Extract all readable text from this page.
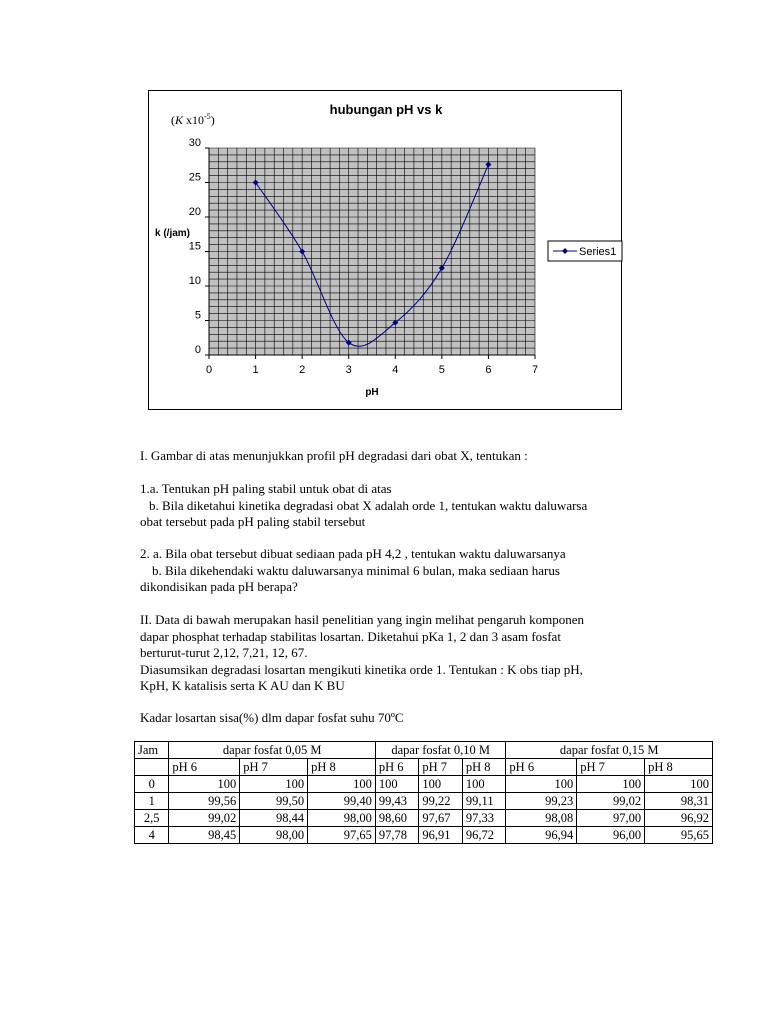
0	1	2	3	4	5	6	7
30
25
20
15
10
5
0
hubungan pH vs k
(K $x10^{-5}$)
k (/jam)
pH
Series1

I. Gambar di atas menunjukkan profil pH degradasi dari obat X, tentukan :

1.a. Tentukan pH paling stabil untuk obat di atas

b. Bila diketahui kinetika degradasi obat X adalah orde 1, tentukan waktu daluwarsa

obat tersebut pada pH paling stabil tersebut

2. a. Bila obat tersebut dibuat sediaan pada pH 4,2 , tentukan waktu daluwarsanya

b. Bila dikehendaki waktu daluwarsanya minimal 6 bulan, maka sediaan harus

dikondisikan pada pH berapa?

II. Data di bawah merupakan hasil penelitian yang ingin melihat pengaruh komponen

dapar phosphat terhadap stabilitas losartan. Diketahui pKa 1, 2 dan 3 asam fosfat

berturut-turut 2,12, 7,21, 12, 67.

Diasumsikan degradasi losartan mengikuti kinetika orde 1. Tentukan : K obs tiap pH,

KpH, K katalisis serta K AU dan K BU

Kadar losartan sisa(%) dlm dapar fosfat suhu 70ºC

Jam	dapar fosfat 0,05 M			dapar fosfat 0,10 M			dapar fosfat 0,15 M		
	pH 6	pH 7	pH 8	pH 6	pH 7	pH 8	pH 6	pH 7	pH 8
0	100	100	100	100	100	100	100	100	100
1	99,56	99,50	99,40	99,43	99,22	99,11	99,23	99,02	98,31
2,5	99,02	98,44	98,00	98,60	97,67	97,33	98,08	97,00	96,92
4	98,45	98,00	97,65	97,78	96,91	96,72	96,94	96,00	95,65
